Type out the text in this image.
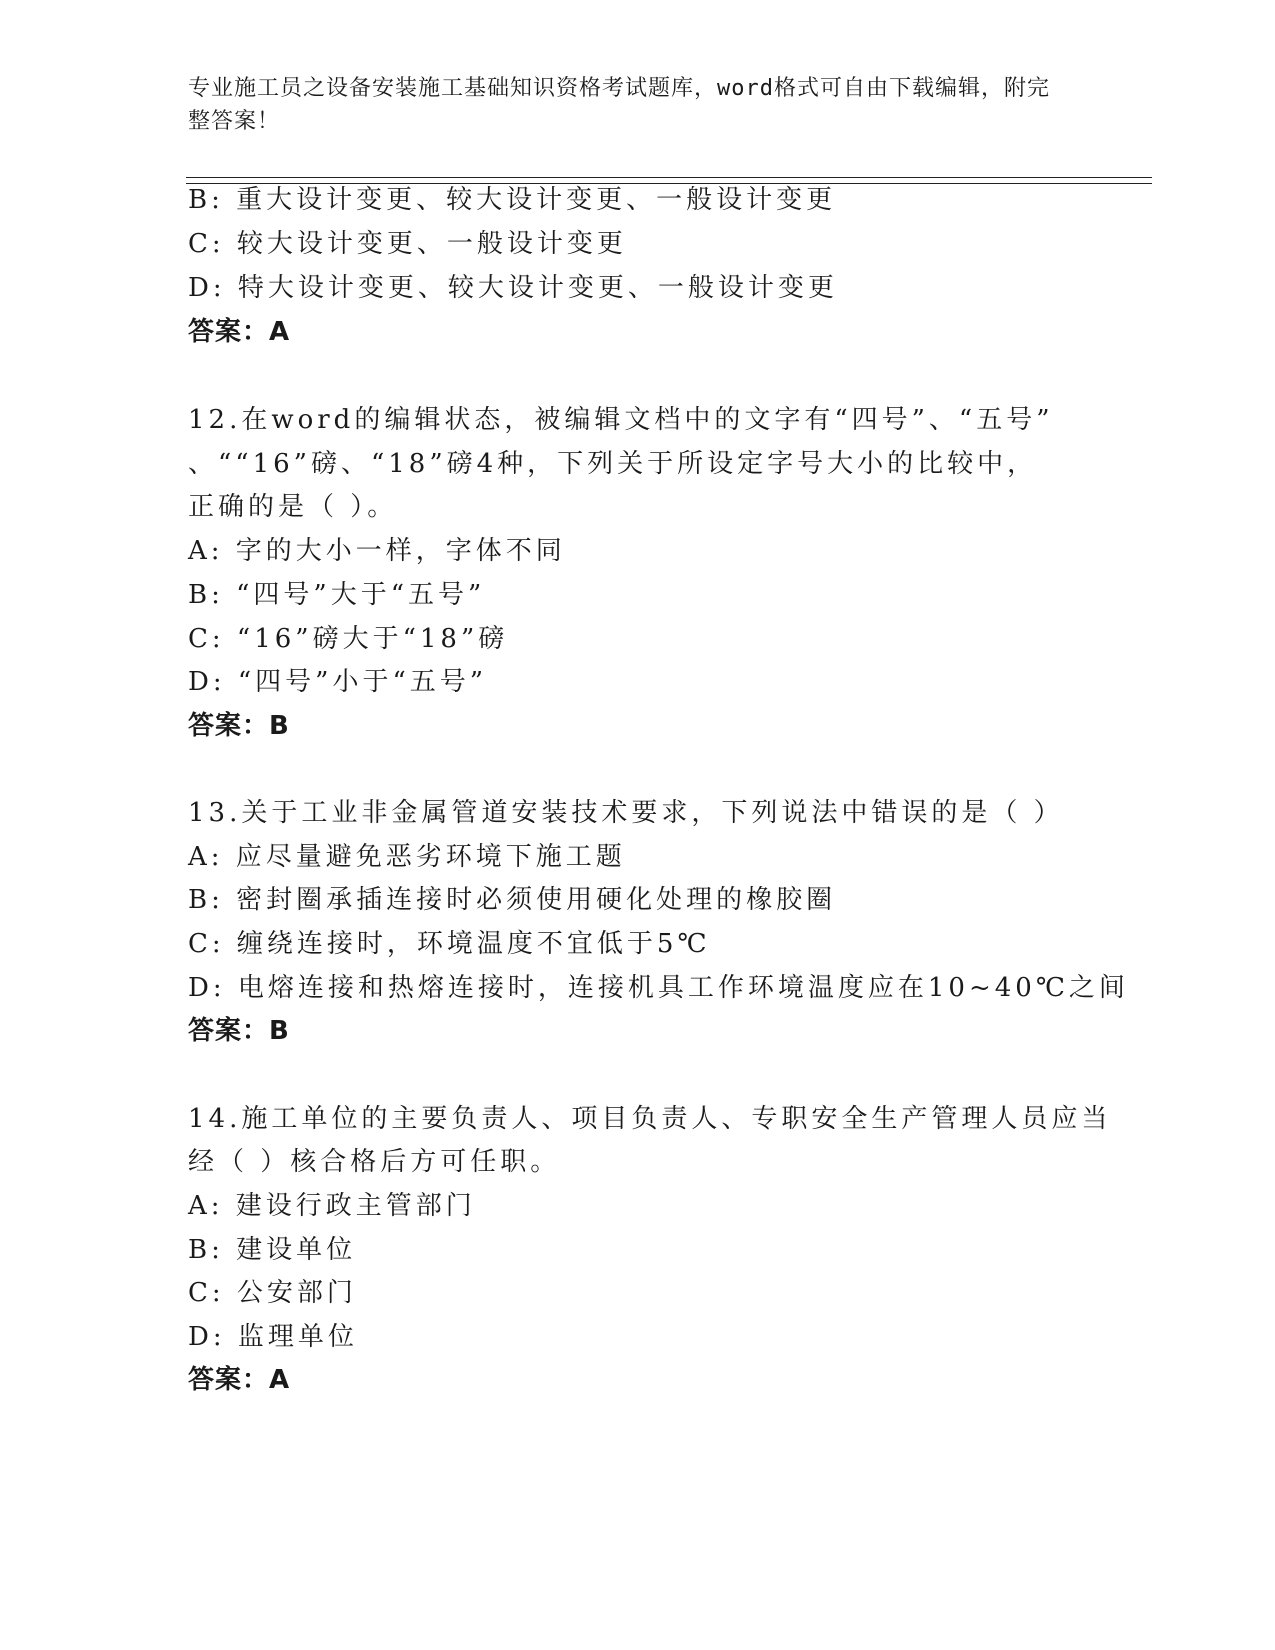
专业施工员之设备安装施工基础知识资格考试题库，word格式可自由下载编辑，附完整答案！
B: 重大设计变更、较大设计变更、一般设计变更
C: 较大设计变更、一般设计变更
D: 特大设计变更、较大设计变更、一般设计变更
答案：A
12.在word的编辑状态，被编辑文档中的文字有“四号”、“五号”
、““16”磅、“18”磅4种，下列关于所设定字号大小的比较中，
正确的是（ ）。
A: 字的大小一样，字体不同
B: “四号”大于“五号”
C: “16”磅大于“18”磅
D: “四号”小于“五号”
答案：B
13.关于工业非金属管道安装技术要求，下列说法中错误的是（ ）
A: 应尽量避免恶劣环境下施工题
B: 密封圈承插连接时必须使用硬化处理的橡胶圈
C: 缠绕连接时，环境温度不宜低于5℃
D: 电熔连接和热熔连接时，连接机具工作环境温度应在10~40℃之间
答案：B
14.施工单位的主要负责人、项目负责人、专职安全生产管理人员应当
经（ ）核合格后方可任职。
A: 建设行政主管部门
B: 建设单位
C: 公安部门
D: 监理单位
答案：A
